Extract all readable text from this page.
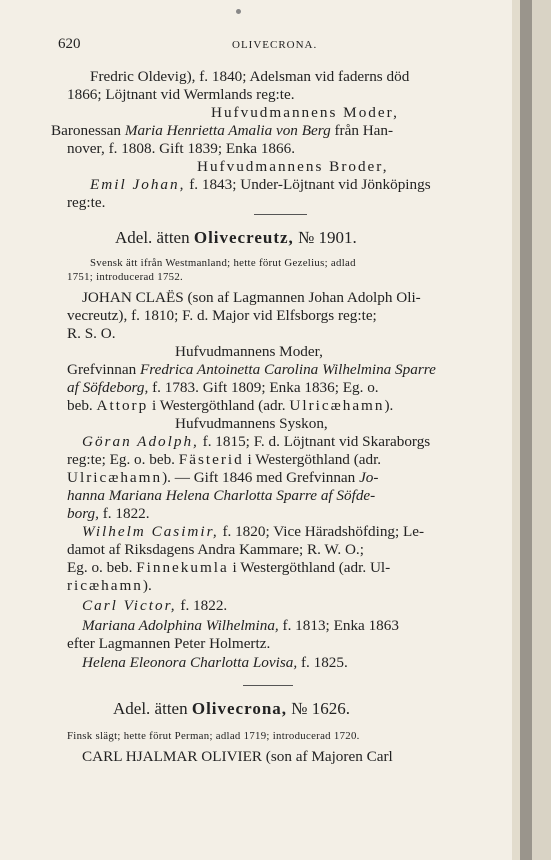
620	OLIVECRONA.
Fredric Oldevig), f. 1840; Adelsman vid faderns död
1866; Löjtnant vid Wermlands reg:te.
Hufvudmannens Moder,
Baronessan Maria Henrietta Amalia von Berg från Han-
nover, f. 1808. Gift 1839; Enka 1866.
Hufvudmannens Broder,
Emil Johan, f. 1843; Under-Löjtnant vid Jönköpings
reg:te.
Adel. ätten Olivecreutz, № 1901.
Svensk ätt ifrån Westmanland; hette förut Gezelius; adlad
1751; introducerad 1752.
JOHAN CLAËS (son af Lagmannen Johan Adolph Oli-
vecreutz), f. 1810; F. d. Major vid Elfsborgs reg:te;
R. S. O.
Hufvudmannens Moder,
Grefvinnan Fredrica Antoinetta Carolina Wilhelmina Sparre
af Söfdeborg, f. 1783. Gift 1809; Enka 1836; Eg. o.
beb. Attorp i Westergöthland (adr. Ulricæhamn).
Hufvudmannens Syskon,
Göran Adolph, f. 1815; F. d. Löjtnant vid Skaraborgs
reg:te; Eg. o. beb. Fästerid i Westergöthland (adr.
Ulricæhamn). — Gift 1846 med Grefvinnan Jo-
hanna Mariana Helena Charlotta Sparre af Söfde-
borg, f. 1822.
Wilhelm Casimir, f. 1820; Vice Häradshöfding; Le-
damot af Riksdagens Andra Kammare; R. W. O.;
Eg. o. beb. Finnekumla i Westergöthland (adr. Ul-
ricæhamn).
Carl Victor, f. 1822.
Mariana Adolphina Wilhelmina, f. 1813; Enka 1863
efter Lagmannen Peter Holmertz.
Helena Eleonora Charlotta Lovisa, f. 1825.
Adel. ätten Olivecrona, № 1626.
Finsk slägt; hette förut Perman; adlad 1719; introducerad 1720.
CARL HJALMAR OLIVIER (son af Majoren Carl
